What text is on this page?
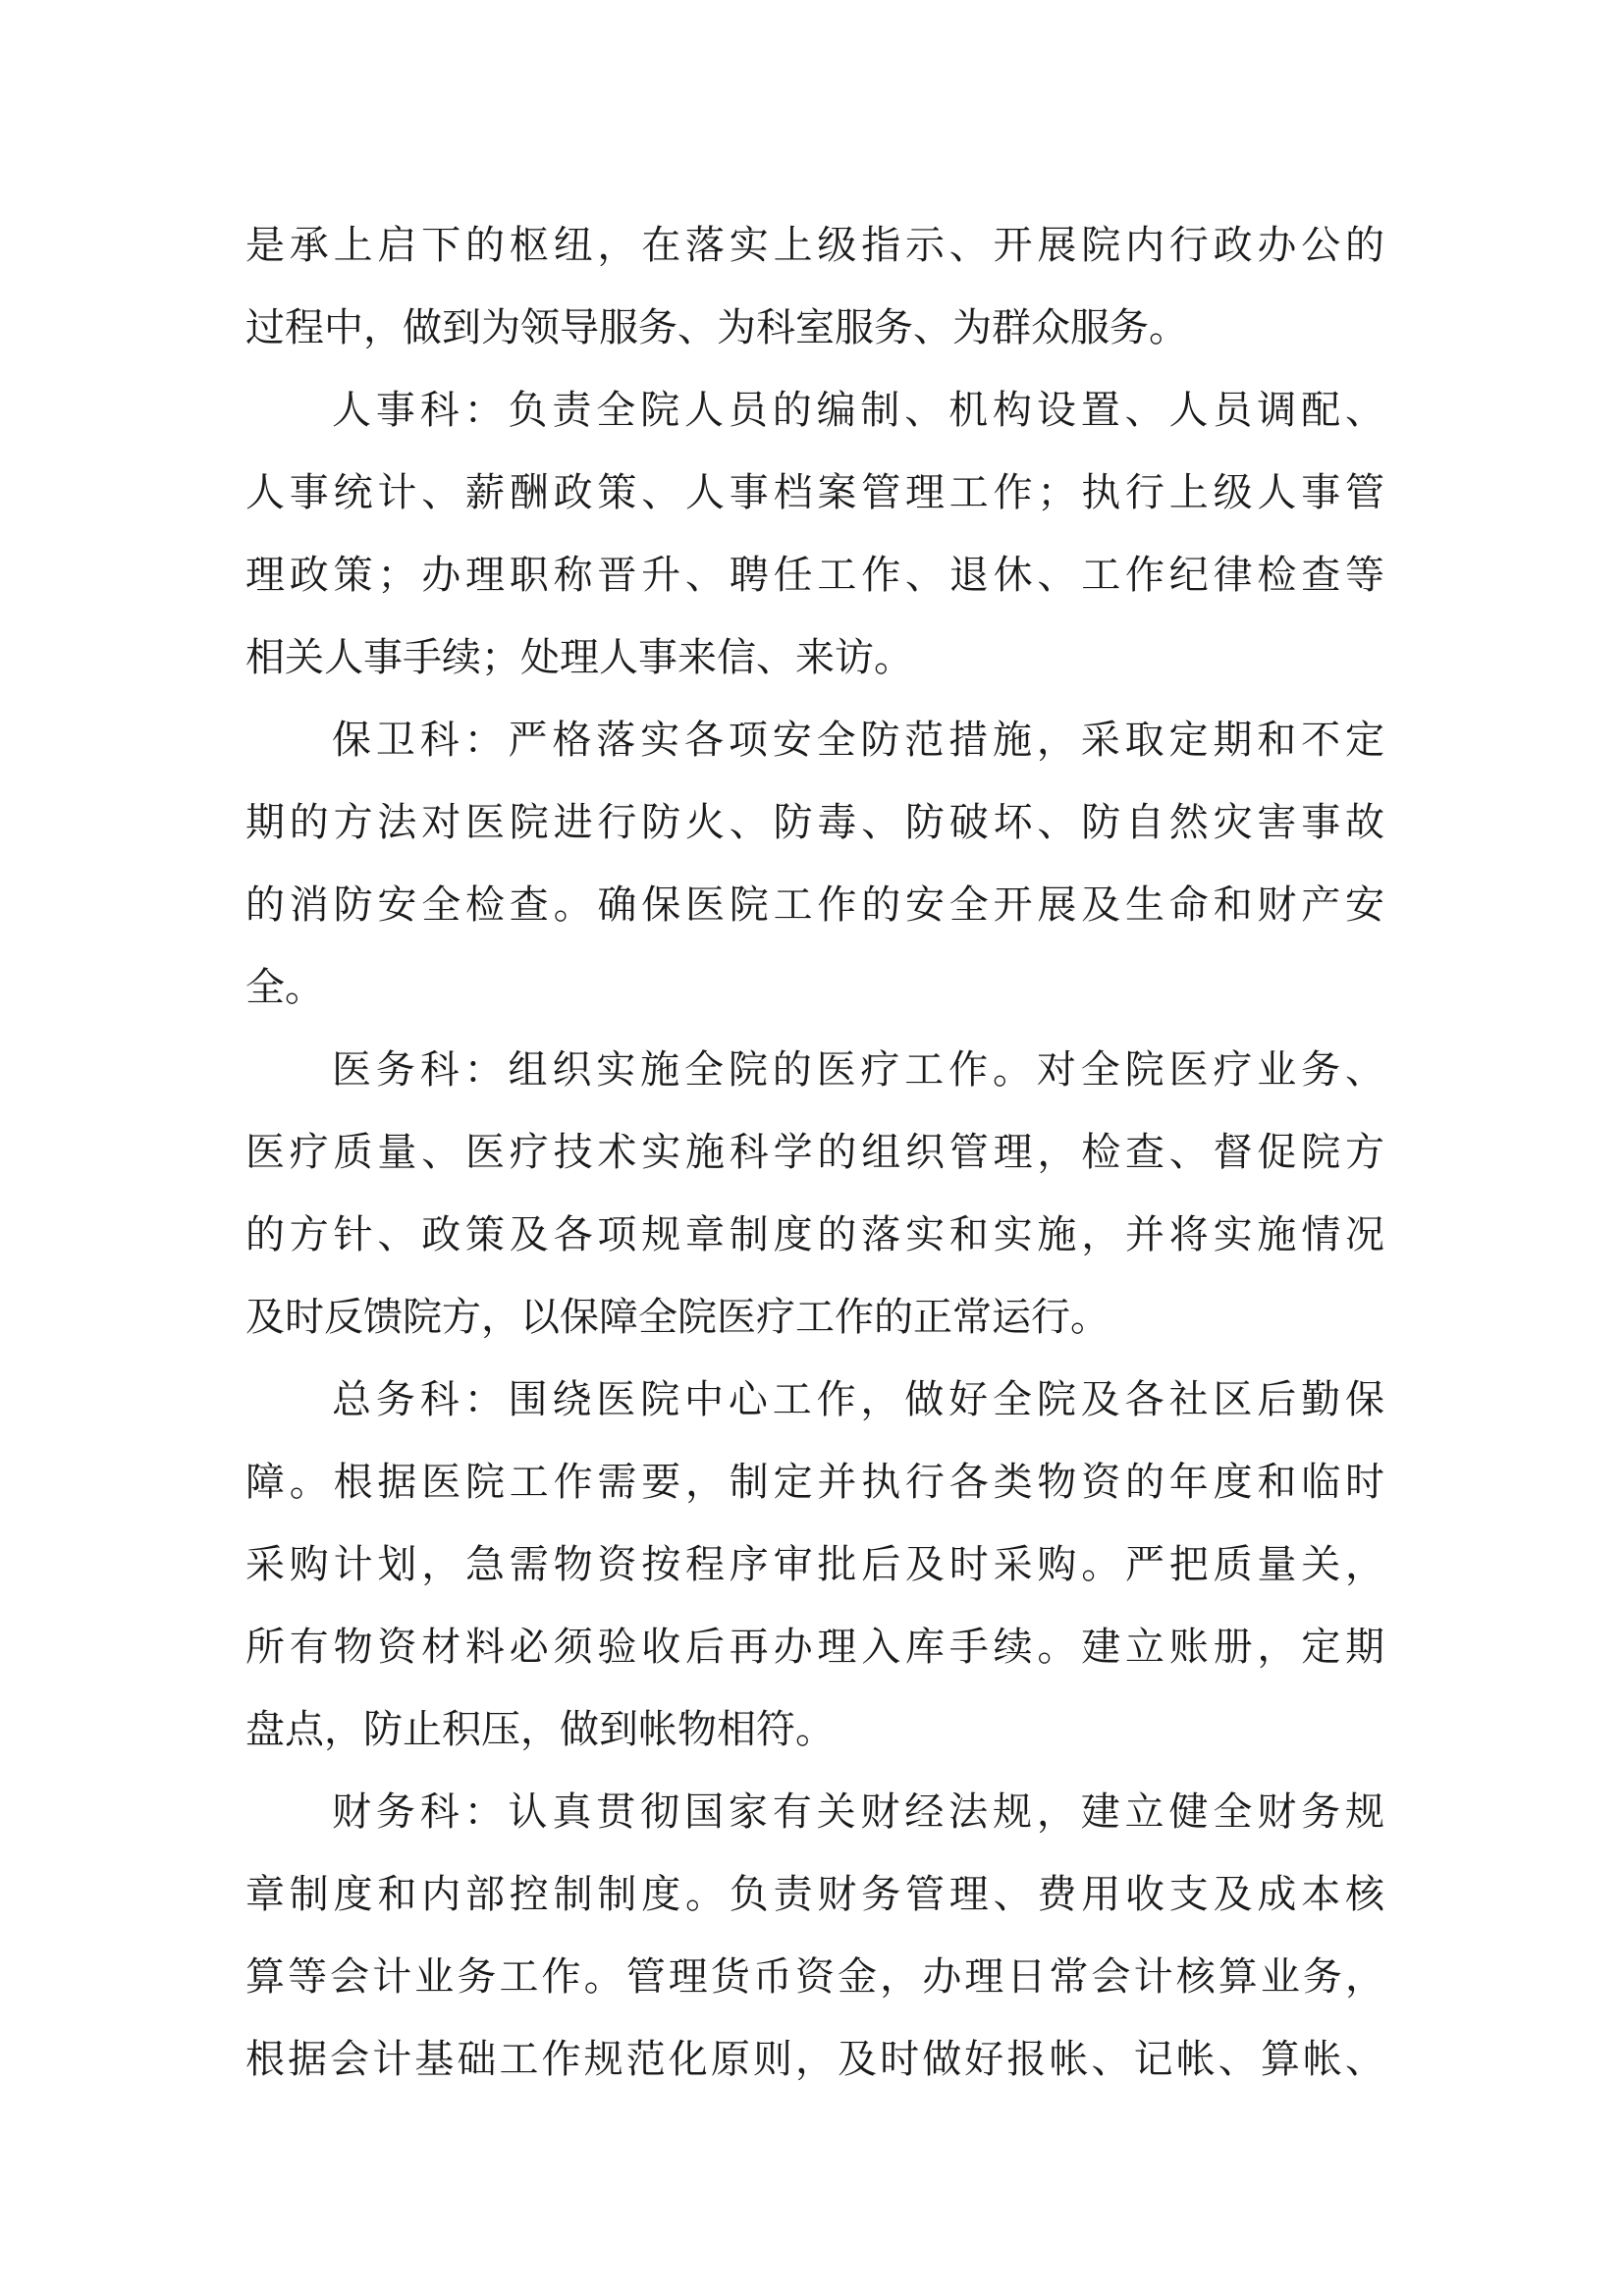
是承上启下的枢纽，在落实上级指示、开展院内行政办公的
过程中，做到为领导服务、为科室服务、为群众服务。
人事科：负责全院人员的编制、机构设置、人员调配、
人事统计、薪酬政策、人事档案管理工作；执行上级人事管
理政策；办理职称晋升、聘任工作、退休、工作纪律检查等
相关人事手续；处理人事来信、来访。
保卫科：严格落实各项安全防范措施，采取定期和不定
期的方法对医院进行防火、防毒、防破坏、防自然灾害事故
的消防安全检查。确保医院工作的安全开展及生命和财产安
全。
医务科：组织实施全院的医疗工作。对全院医疗业务、
医疗质量、医疗技术实施科学的组织管理，检查、督促院方
的方针、政策及各项规章制度的落实和实施，并将实施情况
及时反馈院方，以保障全院医疗工作的正常运行。
总务科：围绕医院中心工作，做好全院及各社区后勤保
障。根据医院工作需要，制定并执行各类物资的年度和临时
采购计划，急需物资按程序审批后及时采购。严把质量关，
所有物资材料必须验收后再办理入库手续。建立账册，定期
盘点，防止积压，做到帐物相符。
财务科：认真贯彻国家有关财经法规，建立健全财务规
章制度和内部控制制度。负责财务管理、费用收支及成本核
算等会计业务工作。管理货币资金，办理日常会计核算业务，
根据会计基础工作规范化原则，及时做好报帐、记帐、算帐、
